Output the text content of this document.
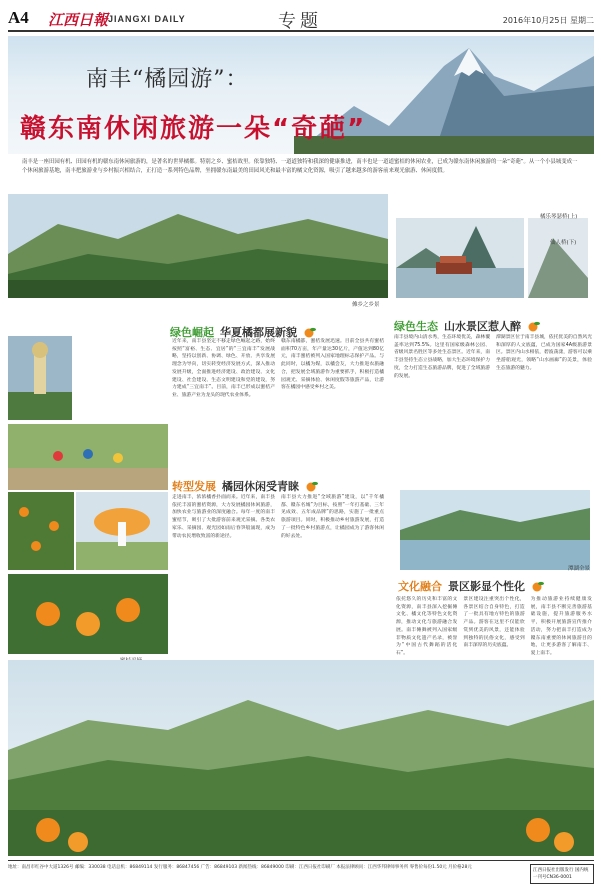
A4 江西日報 JIANGXI DAILY	专题	2016年10月25日 星期二
南丰“橘园游”：
赣东南休闲旅游一朵“奇葩”
南丰是一座田园有机、田园有机的赣东南休闲旅游的，是著名的世界橘都。特别之乡、蜜桔故里。依靠独特、一道道独特和我深的健康推进，南丰也是一道道蜜桔的休闲农业，已成为赣东南休闲旅游的一朵“奇葩”。从一个小县城变成一个休闲旅游基地，南丰把旅游业与乡村振兴相结合，正打造一系列特色品牌，坐拥赣东南最美的田园风光和最丰富的橘文化资源，吸引了越来越多的游客前来观光旅游、休闲度假。
傩乡之乡景
橘乐琴瑟桥(上)
仙人桥(下)
绿色崛起 华夏橘都展新貌
近年来，南丰县坚定不移走绿色崛起之路，始终按照“富裕、生态、宜居”的“三宜南丰”发展战略，坚持以创新、协调、绿色、开放、共享发展理念为导向，切实转变经济发展方式，深入推动发展升级，全面推进经济建设、政治建设、文化建设、社会建设、生态文明建设和党的建设，努力建成“三宜南丰”。目前，南丰已形成以蜜桔产业、旅游产业为龙头的现代农业体系。
赣东南橘都，蜜桔发展迅速。目前全县共有蜜桔面积70万亩，年产量达30亿斤，产值达到80亿元，南丰蜜桔被列入国家地理标志保护产品。与此同时，以橘为媒，以橘会友，大力推进农旅融合，把发展全域旅游作为重要抓手，积极打造橘园观光、采摘体验、休闲度假等旅游产品，让游客在橘园中感受乡村之美。
转型发展 橘园休闲受青睐
走进南丰，浓浓橘香扑面而来。近年来，南丰县依托丰富的蜜桔资源，大力发展橘园休闲旅游，加快农业与旅游业的深度融合。每年一度的南丰蜜桔节，吸引了大批游客前来观光采摘。各类农家乐、采摘园、观光园如雨后春笋般涌现，成为带动农民增收致富的新途径。
南丰县大力推进“全域旅游”建设，以“千年橘都、赣东名城”为目标，按照“一年打基础、三年见成效、五年成品牌”的思路，实施了一批重点旅游项目。同时，积极推动乡村旅游发展，打造了一批特色乡村旅游点，让橘园成为了游客休闲的好去处。
绿色生态 山水景区惹人醉
南丰县境内山清水秀，生态环境优美，森林覆盖率达到75.5%。这里有国家级森林公园、省级风景名胜区等多处生态景区。近年来，南丰县坚持生态立县战略，加大生态环境保护力度，全力打造生态旅游品牌，促进了全域旅游的发展。
潭湖景区位于南丰县城，依托优美的自然风光和深厚的人文底蕴，已成为国家4A级旅游景区。景区内山水相依，碧波荡漾，游客可以乘坐游船观光，领略“山水画廊”的美景，体验生态旅游的魅力。
潭湖全景
文化融合 景区影显个性化
依托悠久的历史和丰富的文化资源，南丰县深入挖掘傩文化、橘文化等特色文化资源，推动文化与旅游融合发展。南丰傩舞被列入国家级非物质文化遗产名录，被誉为“中国古代舞蹈的活化石”。
景区建设注重突出个性化，各景区结合自身特色，打造了一批具有地方特色的旅游产品。游客在这里不仅能欣赏到优美的风景，还能体验到独特的民俗文化，感受到南丰深厚的历史底蕴。
为推动旅游业持续健康发展，南丰县不断完善旅游基础设施，提升旅游服务水平，积极开展旅游宣传推介活动，努力把南丰打造成为赣东南重要的休闲旅游目的地，让更多游客了解南丰、爱上南丰。
地址：南昌市红谷中大道1326号 邮编：330038 电话总机：86849114 发行服务：86847456 广告：86849103 新闻热线：86849000 印刷：江西日报社印刷厂 本报法律顾问：江西华邦律师事务所 零售价每份1.50元 月价格28元
江西日报社出版发行 国内统一刊号CN36-0001
